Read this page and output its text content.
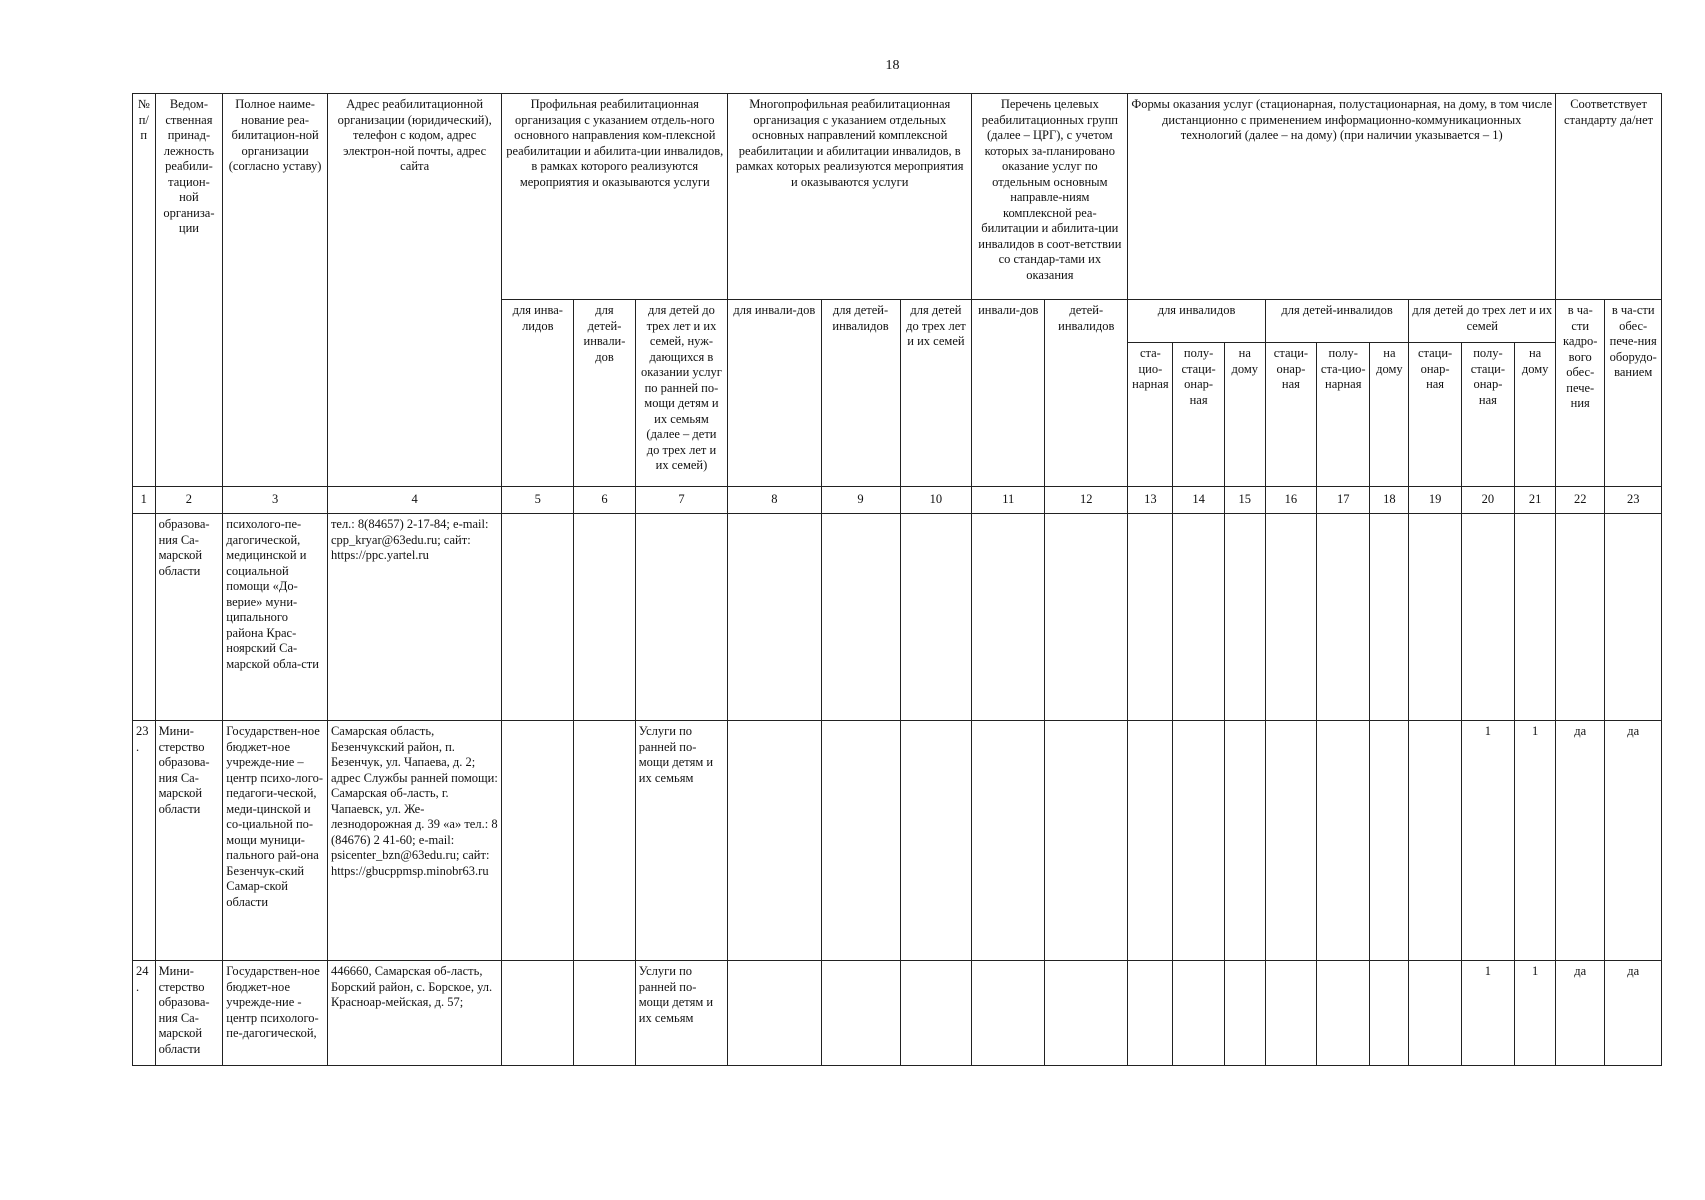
18
№ п/п	Ведом-ственная принад-лежность реабили-тацион-ной организа-ции	Полное наиме-нование реа-билитацион-ной организации (согласно уставу)	Адрес реабилитационной организации (юридический), телефон с кодом, адрес электрон-ной почты, адрес сайта	Профильная реабилитационная организация с указанием отдель-ного основного направления ком-плексной реабилитации и абилита-ции инвалидов, в рамках которого реализуются мероприятия и оказываются услуги			Многопрофильная реабилитационная организация с указанием отдельных основных направлений комплексной реабилитации и абилитации инвалидов, в рамках которых реализуются мероприятия и оказываются услуги			Перечень целевых реабилитационных групп (далее – ЦРГ), с учетом которых за-планировано оказание услуг по отдельным основным направле-ниям комплексной реа-билитации и абилита-ции инвалидов в соот-ветствии со стандар-тами их оказания		Формы оказания услуг (стационарная, полустационарная, на дому, в том числе дистанционно с применением информационно-коммуникационных технологий (далее – на дому) (при наличии указывается – 1)									Соответствует стандарту да/нет	
				для инва-лидов	для детей-инвали-дов	для детей до трех лет и их семей, нуж-дающихся в оказании услуг по ранней по-мощи детям и их семьям (далее – дети до трех лет и их семей)	для инвали-дов	для детей-инвалидов	для детей до трех лет и их семей	инвали-дов	детей-инвалидов	для инвалидов			для детей-инвалидов			для детей до трех лет и их семей			в ча-сти кадро-вого обес-пече-ния	в ча-сти обес-пече-ния оборудо-ванием
												ста-цио-нарная	полу-стаци-онар-ная	на дому	стаци-онар-ная	полу-ста-цио-нарная	на дому	стаци-онар-ная	полу-стаци-онар-ная	на дому		
1	2	3	4	5	6	7	8	9	10	11	12	13	14	15	16	17	18	19	20	21	22	23
	образова-ния Са-марской области	психолого-пе-дагогической, медицинской и социальной помощи «До-верие» муни-ципального района Крас-ноярский Са-марской обла-сти	тел.: 8(84657) 2-17-84; e-mail: cpp_kryar@63edu.ru; сайт: https://ppc.yartel.ru																			
23.	Мини-стерство образова-ния Са-марской области	Государствен-ное бюджет-ное учрежде-ние – центр психо-лого-педагоги-ческой, меди-цинской и со-циальной по-мощи муници-пального рай-она Безенчук-ский Самар-ской области	Самарская область, Безенчукский район, п. Безенчук, ул. Чапаева, д. 2; адрес Службы ранней помощи: Самарская об-ласть, г. Чапаевск, ул. Же-лезнодорожная д. 39 «а» тел.: 8 (84676) 2 41-60; e-mail: psicenter_bzn@63edu.ru; сайт: https://gbucppmsp.minobr63.ru			Услуги по ранней по-мощи детям и их семьям													1	1	да	да
24.	Мини-стерство образова-ния Са-марской области	Государствен-ное бюджет-ное учрежде-ние - центр психолого-пе-дагогической,	446660, Самарская об-ласть, Борский район, с. Борское, ул. Красноар-мейская, д. 57;			Услуги по ранней по-мощи детям и их семьям													1	1	да	да
